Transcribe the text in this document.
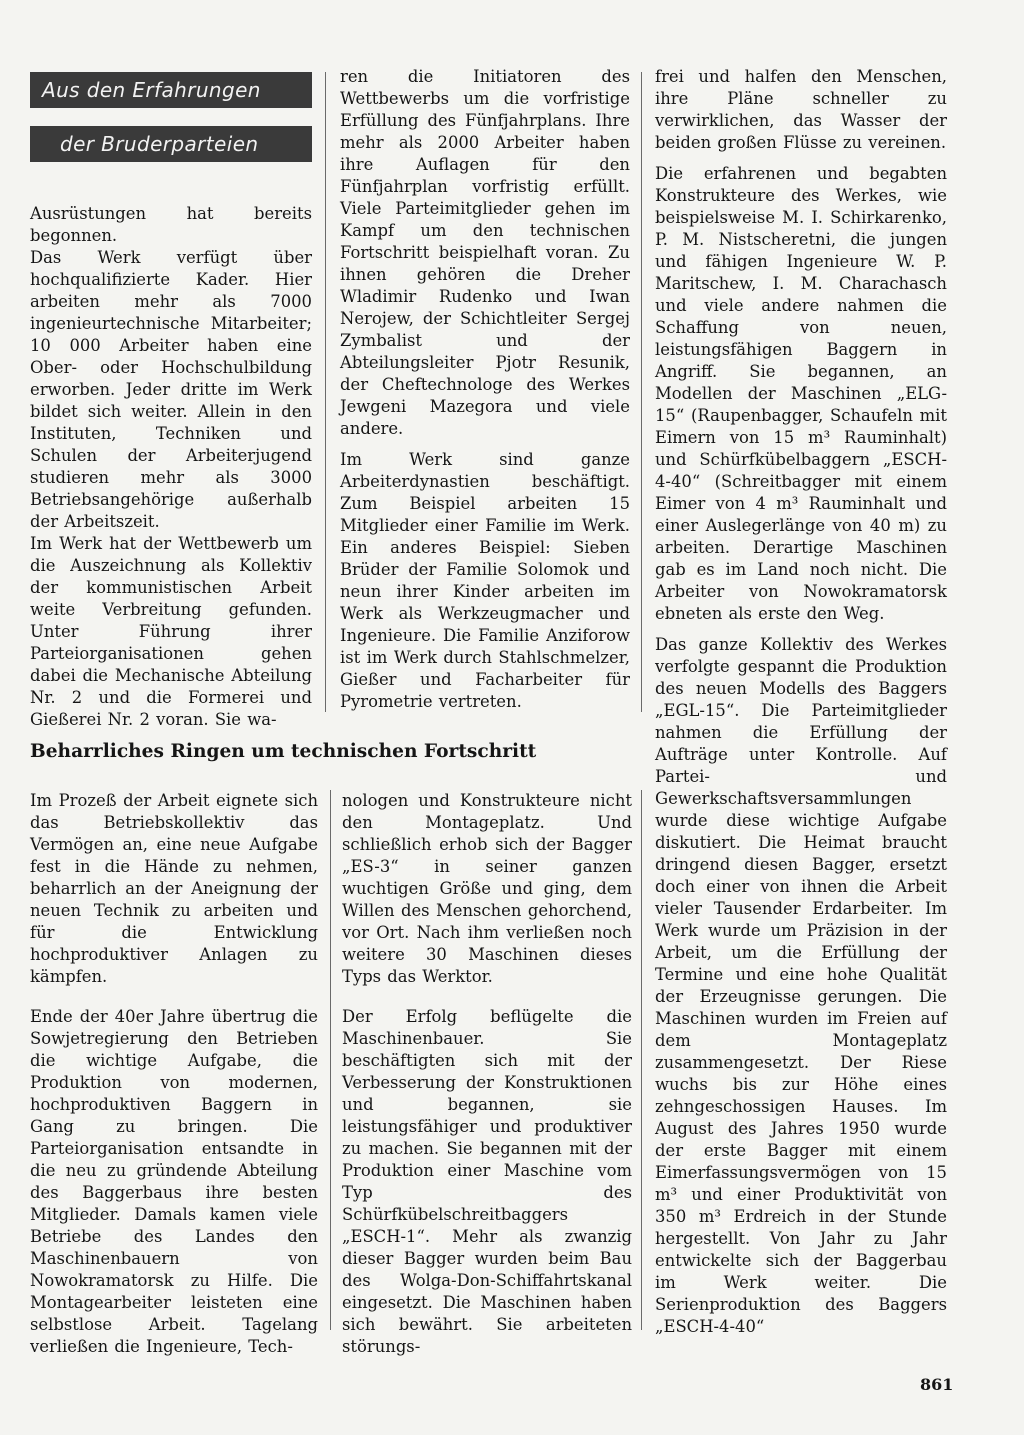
Aus den Erfahrungen
der Bruderparteien

Ausrüstungen hat bereits begonnen.

Das Werk verfügt über hochqualifizierte Kader. Hier arbeiten mehr als 7000 ingenieurtechnische Mitarbeiter; 10 000 Arbeiter haben eine Ober- oder Hochschulbildung erworben. Jeder dritte im Werk bildet sich weiter. Allein in den Instituten, Techniken und Schulen der Arbeiterjugend studieren mehr als 3000 Betriebsangehörige außerhalb der Arbeitszeit.

Im Werk hat der Wettbewerb um die Auszeichnung als Kollektiv der kommunistischen Arbeit weite Verbreitung gefunden. Unter Führung ihrer Parteiorganisationen gehen dabei die Mechanische Abteilung Nr. 2 und die Formerei und Gießerei Nr. 2 voran. Sie wa-

ren die Initiatoren des Wettbewerbs um die vorfristige Erfüllung des Fünfjahrplans. Ihre mehr als 2000 Arbeiter haben ihre Auflagen für den Fünfjahrplan vorfristig erfüllt. Viele Parteimitglieder gehen im Kampf um den technischen Fortschritt beispielhaft voran. Zu ihnen gehören die Dreher Wladimir Rudenko und Iwan Nerojew, der Schichtleiter Sergej Zymbalist und der Abteilungsleiter Pjotr Resunik, der Cheftechnologe des Werkes Jewgeni Mazegora und viele andere.

Im Werk sind ganze Arbeiterdynastien beschäftigt. Zum Beispiel arbeiten 15 Mitglieder einer Familie im Werk. Ein anderes Beispiel: Sieben Brüder der Familie Solomok und neun ihrer Kinder arbeiten im Werk als Werkzeugmacher und Ingenieure. Die Familie Anziforow ist im Werk durch Stahlschmelzer, Gießer und Facharbeiter für Pyrometrie vertreten.

frei und halfen den Menschen, ihre Pläne schneller zu verwirklichen, das Wasser der beiden großen Flüsse zu vereinen.

Die erfahrenen und begabten Konstrukteure des Werkes, wie beispielsweise M. I. Schirkarenko, P. M. Nistscheretni, die jungen und fähigen Ingenieure W. P. Maritschew, I. M. Charachasch und viele andere nahmen die Schaffung von neuen, leistungsfähigen Baggern in Angriff. Sie begannen, an Modellen der Maschinen „ELG-15“ (Raupenbagger, Schaufeln mit Eimern von 15 m³ Rauminhalt) und Schürfkübelbaggern „ESCH-4-40“ (Schreitbagger mit einem Eimer von 4 m³ Rauminhalt und einer Auslegerlänge von 40 m) zu arbeiten. Derartige Maschinen gab es im Land noch nicht. Die Arbeiter von Nowokramatorsk ebneten als erste den Weg.

Das ganze Kollektiv des Werkes verfolgte gespannt die Produktion des neuen Modells des Baggers „EGL-15“. Die Parteimitglieder nahmen die Erfüllung der Aufträge unter Kontrolle. Auf Partei- und Gewerkschaftsversammlungen wurde diese wichtige Aufgabe diskutiert. Die Heimat braucht dringend diesen Bagger, ersetzt doch einer von ihnen die Arbeit vieler Tausender Erdarbeiter. Im Werk wurde um Präzision in der Arbeit, um die Erfüllung der Termine und eine hohe Qualität der Erzeugnisse gerungen. Die Maschinen wurden im Freien auf dem Montageplatz zusammengesetzt. Der Riese wuchs bis zur Höhe eines zehngeschossigen Hauses. Im August des Jahres 1950 wurde der erste Bagger mit einem Eimerfassungsvermögen von 15 m³ und einer Produktivität von 350 m³ Erdreich in der Stunde hergestellt. Von Jahr zu Jahr entwickelte sich der Baggerbau im Werk weiter. Die Serienproduktion des Baggers „ESCH-4-40“

Beharrliches Ringen um technischen Fortschritt

Im Prozeß der Arbeit eignete sich das Betriebskollektiv das Vermögen an, eine neue Aufgabe fest in die Hände zu nehmen, beharrlich an der Aneignung der neuen Technik zu arbeiten und für die Entwicklung hochproduktiver Anlagen zu kämpfen.

Ende der 40er Jahre übertrug die Sowjetregierung den Betrieben die wichtige Aufgabe, die Produktion von modernen, hochproduktiven Baggern in Gang zu bringen. Die Parteiorganisation entsandte in die neu zu gründende Abteilung des Baggerbaus ihre besten Mitglieder. Damals kamen viele Betriebe des Landes den Maschinenbauern von Nowokramatorsk zu Hilfe. Die Montagearbeiter leisteten eine selbstlose Arbeit. Tagelang verließen die Ingenieure, Tech-

nologen und Konstrukteure nicht den Montageplatz. Und schließlich erhob sich der Bagger „ES-3“ in seiner ganzen wuchtigen Größe und ging, dem Willen des Menschen gehorchend, vor Ort. Nach ihm verließen noch weitere 30 Maschinen dieses Typs das Werktor.

Der Erfolg beflügelte die Maschinenbauer. Sie beschäftigten sich mit der Verbesserung der Konstruktionen und begannen, sie leistungsfähiger und produktiver zu machen. Sie begannen mit der Produktion einer Maschine vom Typ des Schürfkübelschreitbaggers „ESCH-1“. Mehr als zwanzig dieser Bagger wurden beim Bau des Wolga-Don-Schiffahrtskanal eingesetzt. Die Maschinen haben sich bewährt. Sie arbeiteten störungs-

861
